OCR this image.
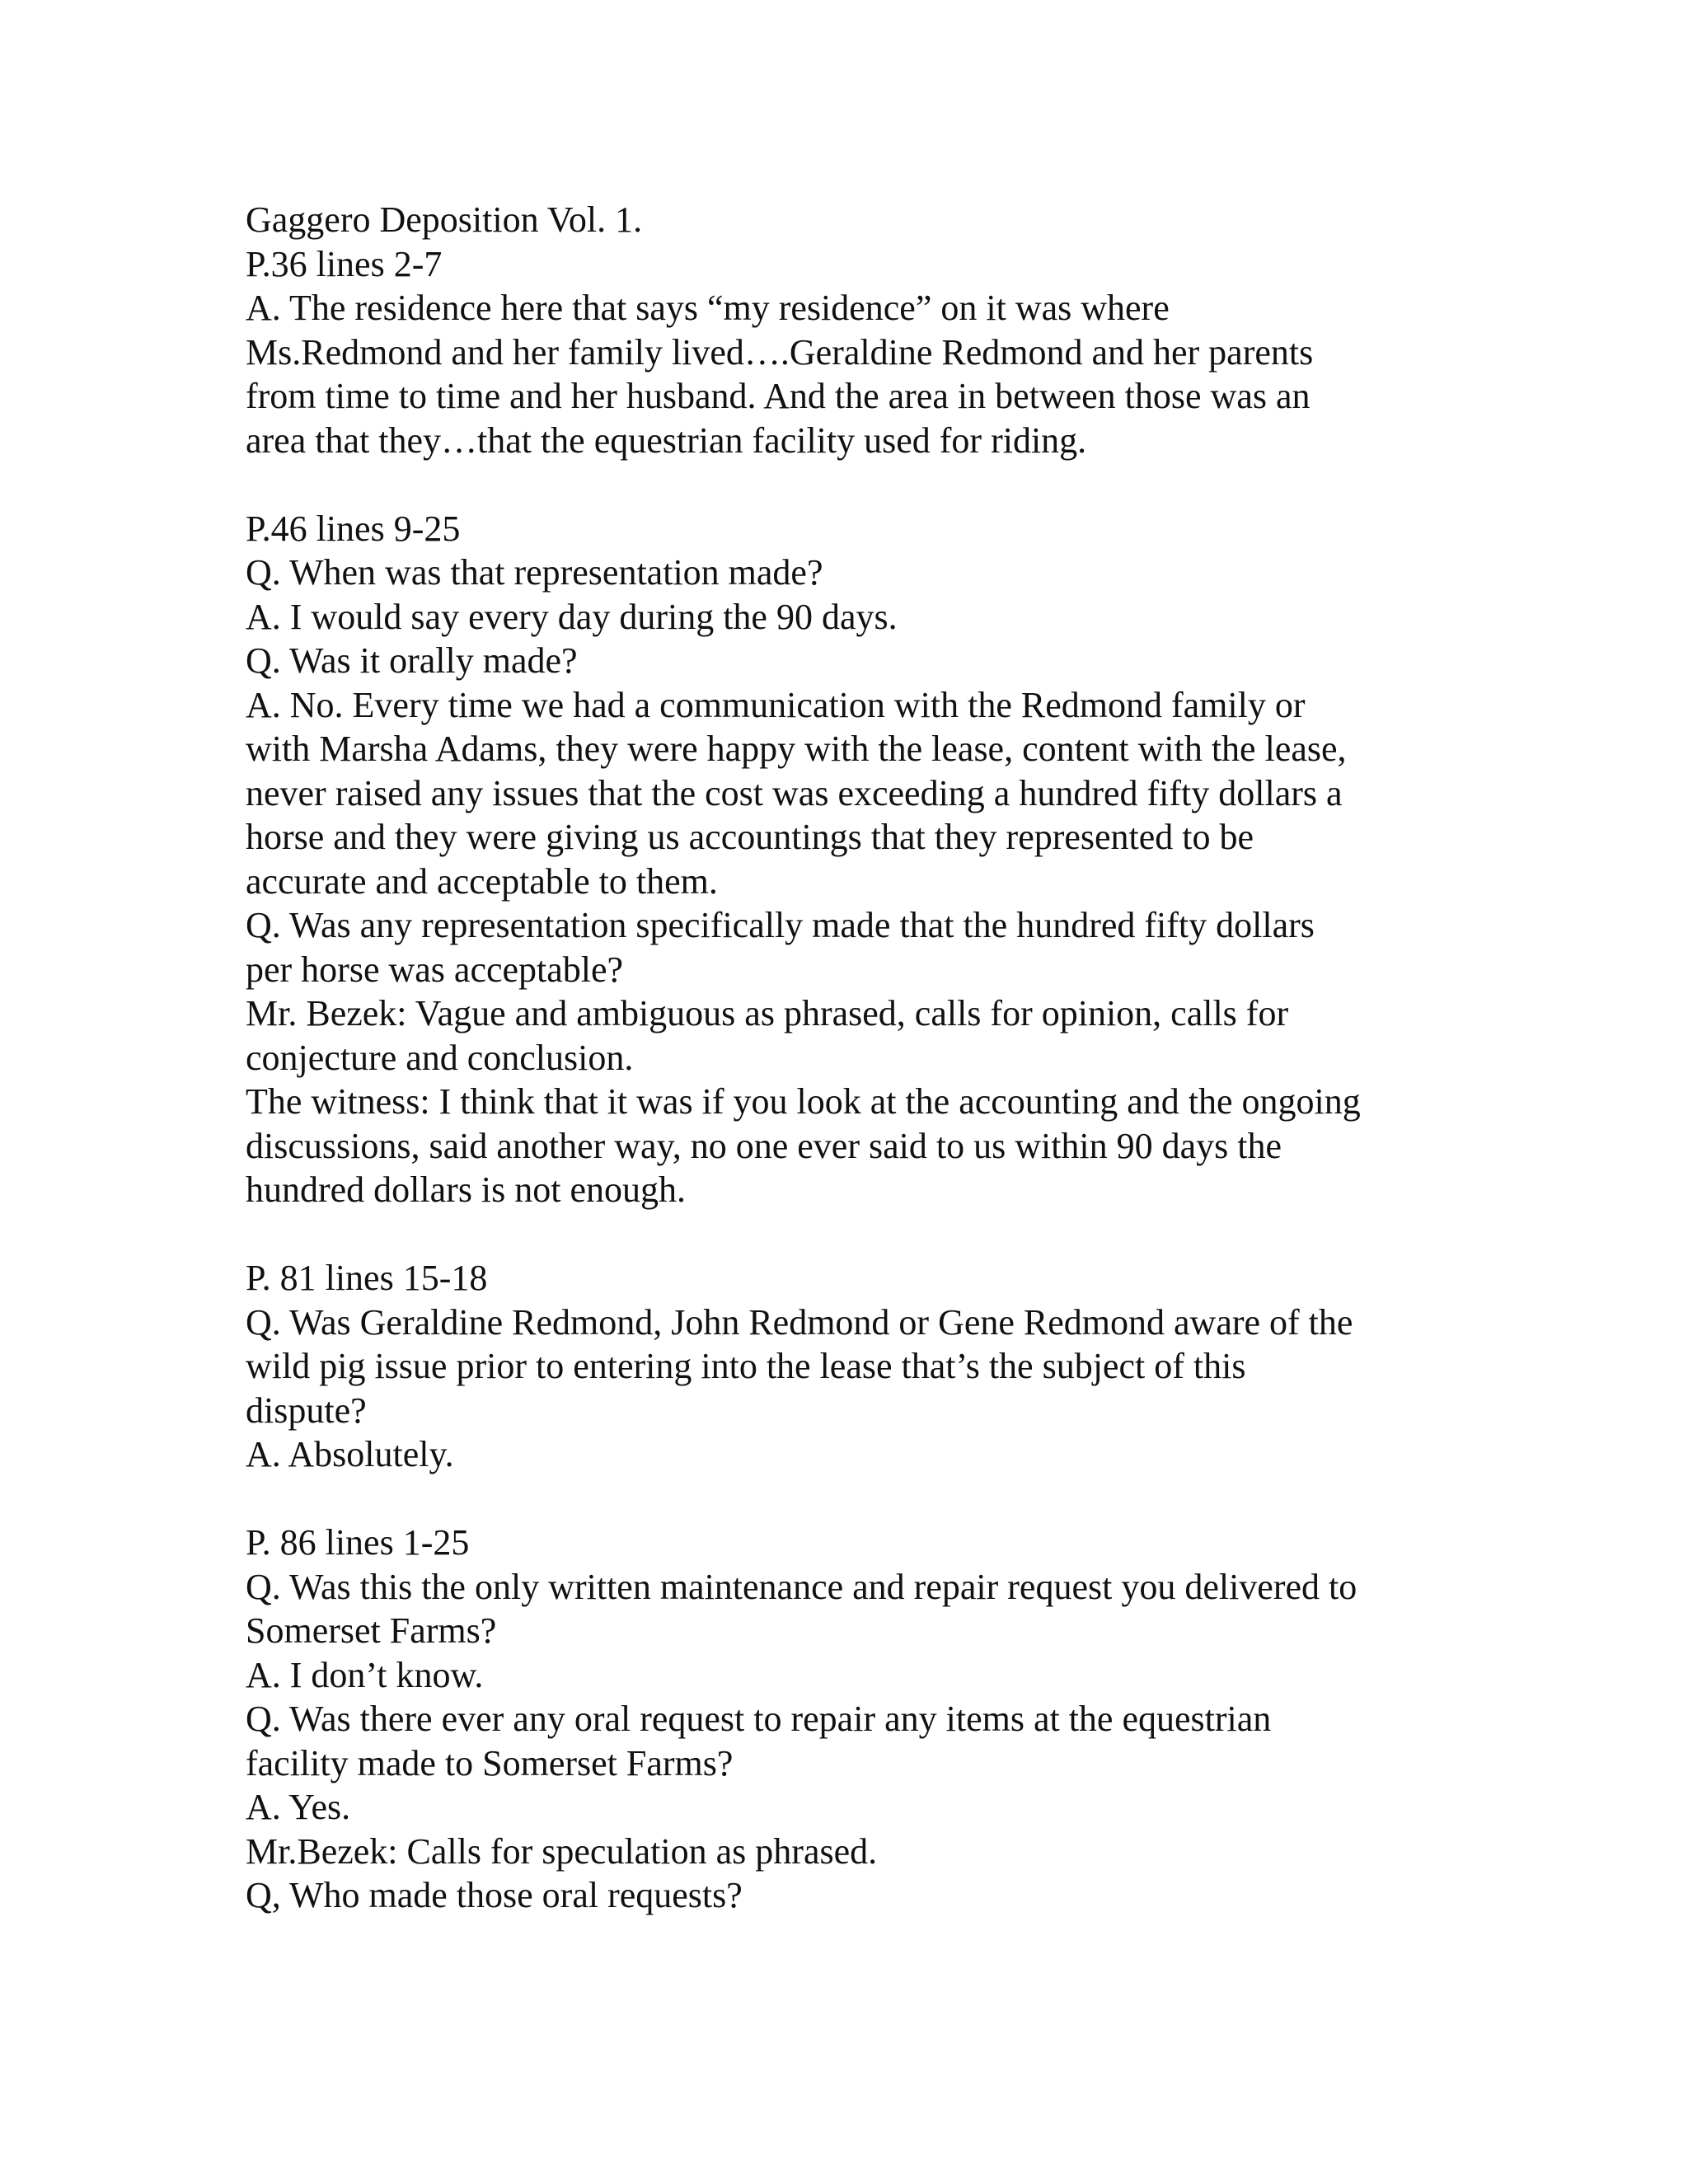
Gaggero Deposition Vol. 1.

P.36 lines 2-7

A. The residence here that says “my residence” on it was where

Ms.Redmond and her family lived….Geraldine Redmond and her parents

from time to time and her husband. And the area in between those was an

area that they…that the equestrian facility used for riding.

P.46 lines 9-25

Q. When was that representation made?

A. I would say every day during the 90 days.

Q. Was it orally made?

A. No. Every time we had a communication with the Redmond family or

with Marsha Adams, they were happy with the lease, content with the lease,

never raised any issues that the cost was exceeding a hundred fifty dollars a

horse and they were giving us accountings that they represented to be

accurate and acceptable to them.

Q. Was any representation specifically made that the hundred fifty dollars

per horse was acceptable?

Mr. Bezek: Vague and ambiguous as phrased, calls for opinion, calls for

conjecture and conclusion.

The witness: I think that it was if you look at the accounting and the ongoing

discussions, said another way, no one ever said to us within 90 days the

hundred dollars is not enough.

P. 81 lines 15-18

Q. Was Geraldine Redmond, John Redmond or Gene Redmond aware of the

wild pig issue prior to entering into the lease that’s the subject of this

dispute?

A. Absolutely.

P. 86 lines 1-25

Q. Was this the only written maintenance and repair request you delivered to

Somerset Farms?

A. I don’t know.

Q. Was there ever any oral request to repair any items at the equestrian

facility made to Somerset Farms?

A. Yes.

Mr.Bezek: Calls for speculation as phrased.

Q, Who made those oral requests?
